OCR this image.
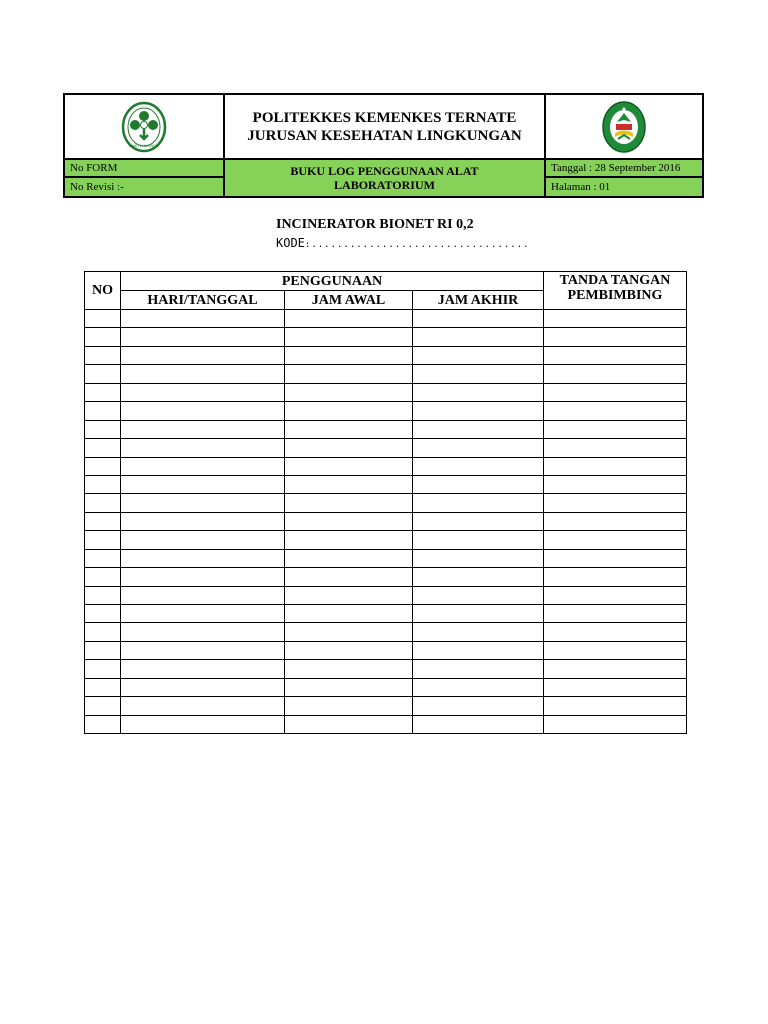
BAKTI HUSADA
POLITEKKES KEMENKES TERNATE
JURUSAN KESEHATAN LINGKUNGAN
No FORM
No Revisi :-
BUKU LOG PENGGUNAAN ALAT
LABORATORIUM
Tanggal : 28 September 2016
Halaman : 01
INCINERATOR BIONET RI 0,2
KODE:..................................
NO	PENGGUNAAN			TANDA TANGAN
PEMBIMBING

	HARI/TANGGAL	JAM AWAL	JAM AKHIR	
